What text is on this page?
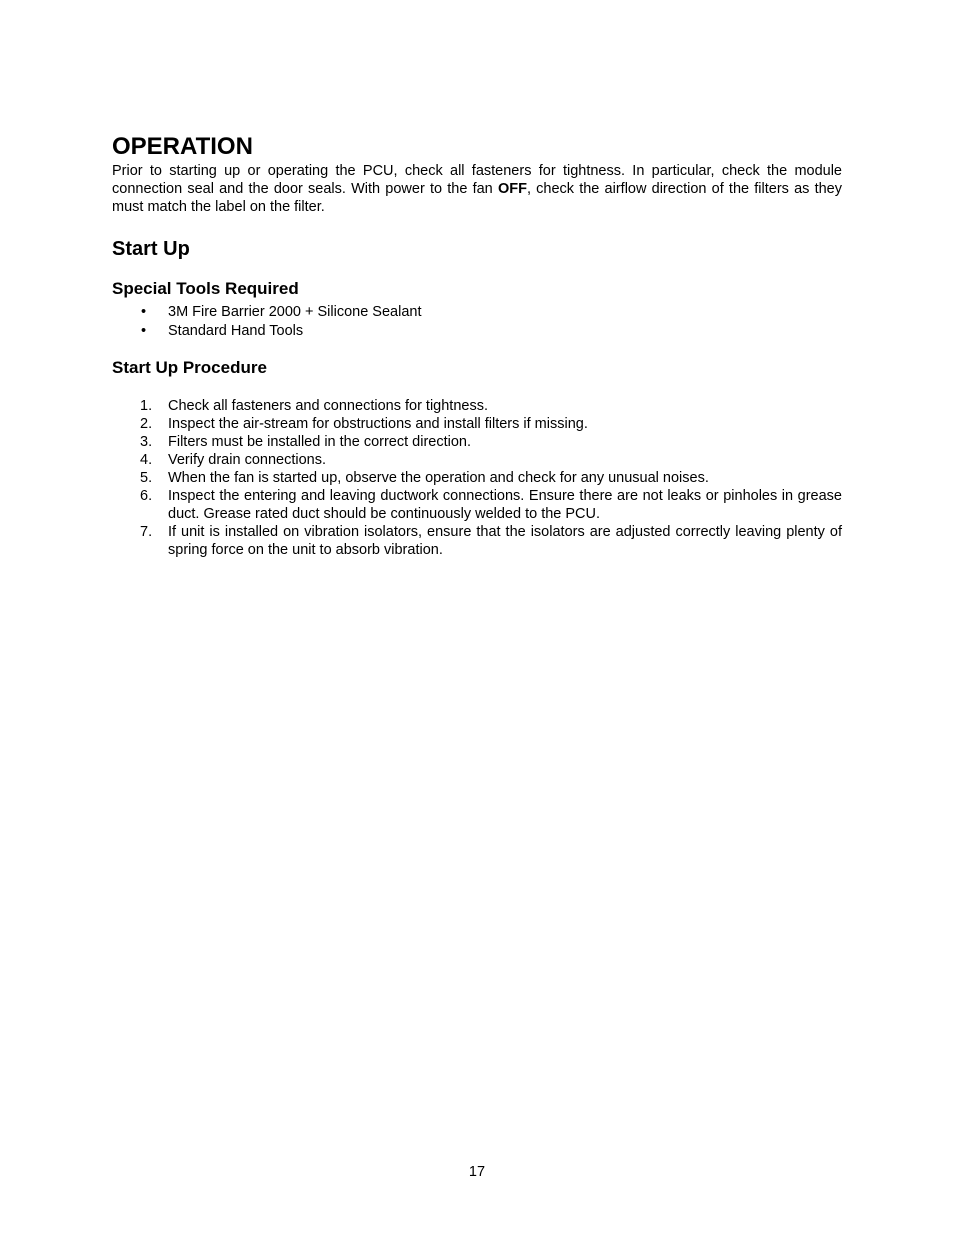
OPERATION

Prior to starting up or operating the PCU, check all fasteners for tightness. In particular, check the module connection seal and the door seals. With power to the fan OFF, check the airflow direction of the filters as they must match the label on the filter.

Start Up
Special Tools Required
• 3M Fire Barrier 2000 + Silicone Sealant
• Standard Hand Tools
Start Up Procedure
1. Check all fasteners and connections for tightness.
2. Inspect the air-stream for obstructions and install filters if missing.
3. Filters must be installed in the correct direction.
4. Verify drain connections.
5. When the fan is started up, observe the operation and check for any unusual noises.
6. Inspect the entering and leaving ductwork connections. Ensure there are not leaks or pinholes in grease duct. Grease rated duct should be continuously welded to the PCU.
7. If unit is installed on vibration isolators, ensure that the isolators are adjusted correctly leaving plenty of spring force on the unit to absorb vibration.
17
